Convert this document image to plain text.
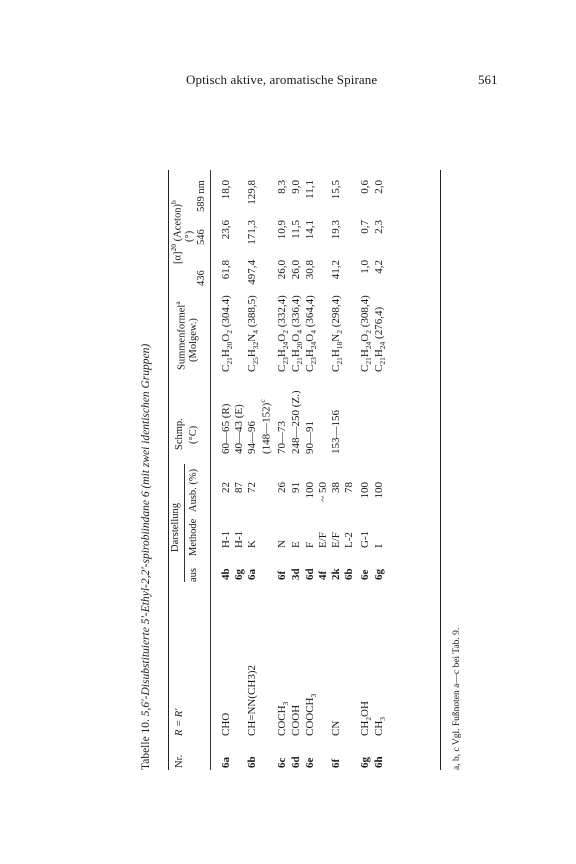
Optisch aktive, aromatische Spirane	561
Tabelle 10. 5,6'-Disubstituierte 5'-Ethyl-2,2'-spirobiindane 6 (mit zwei identischen Gruppen)
Nr.
R = R'
Darstellung
aus
Methode
Ausb. (%)
Schmp. (°C)
Summenformel$^a$
(Molgew.)
$[\alpha]^{20}$ (Aceton)$^b$
(°)
436
546
589 nm
6a
CHO
4b
H-1
22
6g
H-1
87
60—65 (R) 40—43 (E)
$C_{21}H_{20}O_2$ (304.4)
61,8
23,6
18,0
6b
CH=NN(CH3)2
6a
K
72
94—96 (148—152)$^c$
$C_{25}H_{32}N_4$ (388,5)
497,4
171,3
129,8
6c
$COCH_3$
6f
N
26
70—73
$C_{23}H_{24}O_2$ (332,4)
26,0
10,9
8,3
6d
COOH
3d
E
91
248—250 (Z.)
$C_{21}H_{20}O_4$ (336,4)
26,0
11,5
9,0
6e
$COOCH_3$
6d
F
100
4f
E/F
~ 50
90—91
$C_{23}H_{24}O_4$ (364,4)
30,8
14,1
11,1
6f
CN
2k
E/F
38
6b
L-2
78
153—156
$C_{21}H_{18}N_2$ (298,4)
41,2
19,3
15,5
6g
$CH_2OH$
6e
G-1
100
$C_{21}H_{24}O_2$ (308,4)
1,0
0,7
0,6
6h
$CH_3$
6g
I
100
$C_{21}H_{24}$ (276,4)
4,2
2,3
2,0
a, b, c Vgl. Fußnoten a—c bei Tab. 9.
